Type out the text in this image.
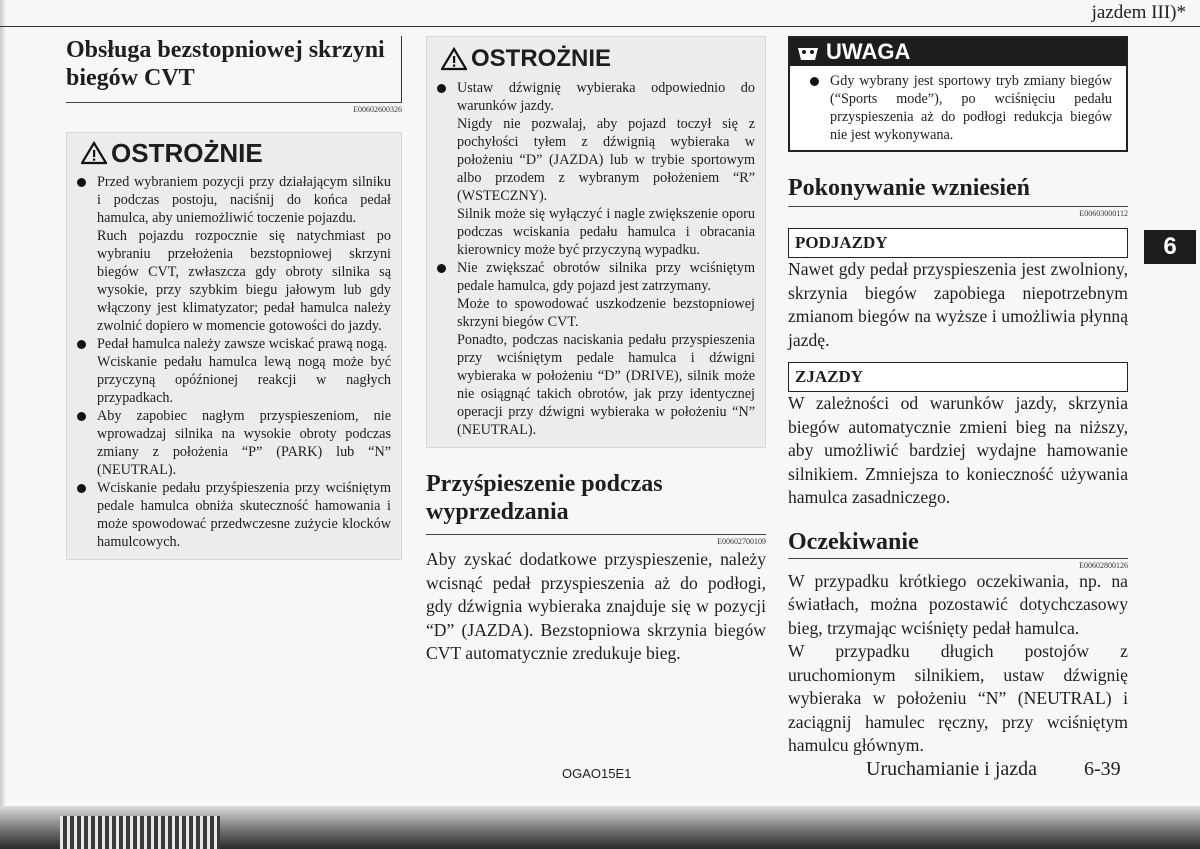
jazdem III)*
Obsługa bezstopniowej skrzyni biegów CVT
E00602600326
OSTROŻNIE

Przed wybraniem pozycji przy działającym silniku i podczas postoju, naciśnij do końca pedał hamulca, aby uniemożliwić toczenie pojazdu.

Ruch pojazdu rozpocznie się natychmiast po wybraniu przełożenia bezstopniowej skrzyni biegów CVT, zwłaszcza gdy obroty silnika są wysokie, przy szybkim biegu jałowym lub gdy włączony jest klimatyzator; pedał hamulca należy zwolnić dopiero w momencie gotowości do jazdy.

Pedał hamulca należy zawsze wciskać prawą nogą.

Wciskanie pedału hamulca lewą nogą może być przyczyną opóźnionej reakcji w nagłych przypadkach.

Aby zapobiec nagłym przyspieszeniom, nie wprowadzaj silnika na wysokie obroty podczas zmiany z położenia “P” (PARK) lub “N” (NEUTRAL).

Wciskanie pedału przyśpieszenia przy wciśniętym pedale hamulca obniża skuteczność hamowania i może spowodować przedwczesne zużycie klocków hamulcowych.

OSTROŻNIE

Ustaw dźwignię wybieraka odpowiednio do warunków jazdy.

Nigdy nie pozwalaj, aby pojazd toczył się z pochyłości tyłem z dźwignią wybieraka w położeniu “D” (JAZDA) lub w trybie sportowym albo przodem z wybranym położeniem “R” (WSTECZNY).

Silnik może się wyłączyć i nagle zwiększenie oporu podczas wciskania pedału hamulca i obracania kierownicy może być przyczyną wypadku.

Nie zwiększać obrotów silnika przy wciśniętym pedale hamulca, gdy pojazd jest zatrzymany.

Może to spowodować uszkodzenie bezstopniowej skrzyni biegów CVT.

Ponadto, podczas naciskania pedału przyspieszenia przy wciśniętym pedale hamulca i dźwigni wybieraka w położeniu “D” (DRIVE), silnik może nie osiągnąć takich obrotów, jak przy identycznej operacji przy dźwigni wybieraka w położeniu “N” (NEUTRAL).

Przyśpieszenie podczas wyprzedzania
E00602700109

Aby zyskać dodatkowe przyspieszenie, należy wcisnąć pedał przyspieszenia aż do podłogi, gdy dźwignia wybieraka znajduje się w pozycji “D” (JAZDA). Bezstopniowa skrzynia biegów CVT automatycznie zredukuje bieg.

UWAGA

Gdy wybrany jest sportowy tryb zmiany biegów (“Sports mode”), po wciśnięciu pedału przyspieszenia aż do podłogi redukcja biegów nie jest wykonywana.

Pokonywanie wzniesień
E00603000112
PODJAZDY

Nawet gdy pedał przyspieszenia jest zwolniony, skrzynia biegów zapobiega niepotrzebnym zmianom biegów na wyższe i umożliwia płynną jazdę.

ZJAZDY

W zależności od warunków jazdy, skrzynia biegów automatycznie zmieni bieg na niższy, aby umożliwić bardziej wydajne hamowanie silnikiem. Zmniejsza to konieczność używania hamulca zasadniczego.

Oczekiwanie
E00602800126

W przypadku krótkiego oczekiwania, np. na światłach, można pozostawić dotychczasowy bieg, trzymając wciśnięty pedał hamulca.

W przypadku długich postojów z uruchomionym silnikiem, ustaw dźwignię wybieraka w położeniu “N” (NEUTRAL) i zaciągnij hamulec ręczny, przy wciśniętym hamulcu głównym.

6
OGAO15E1	Uruchamianie i jazda 6-39
